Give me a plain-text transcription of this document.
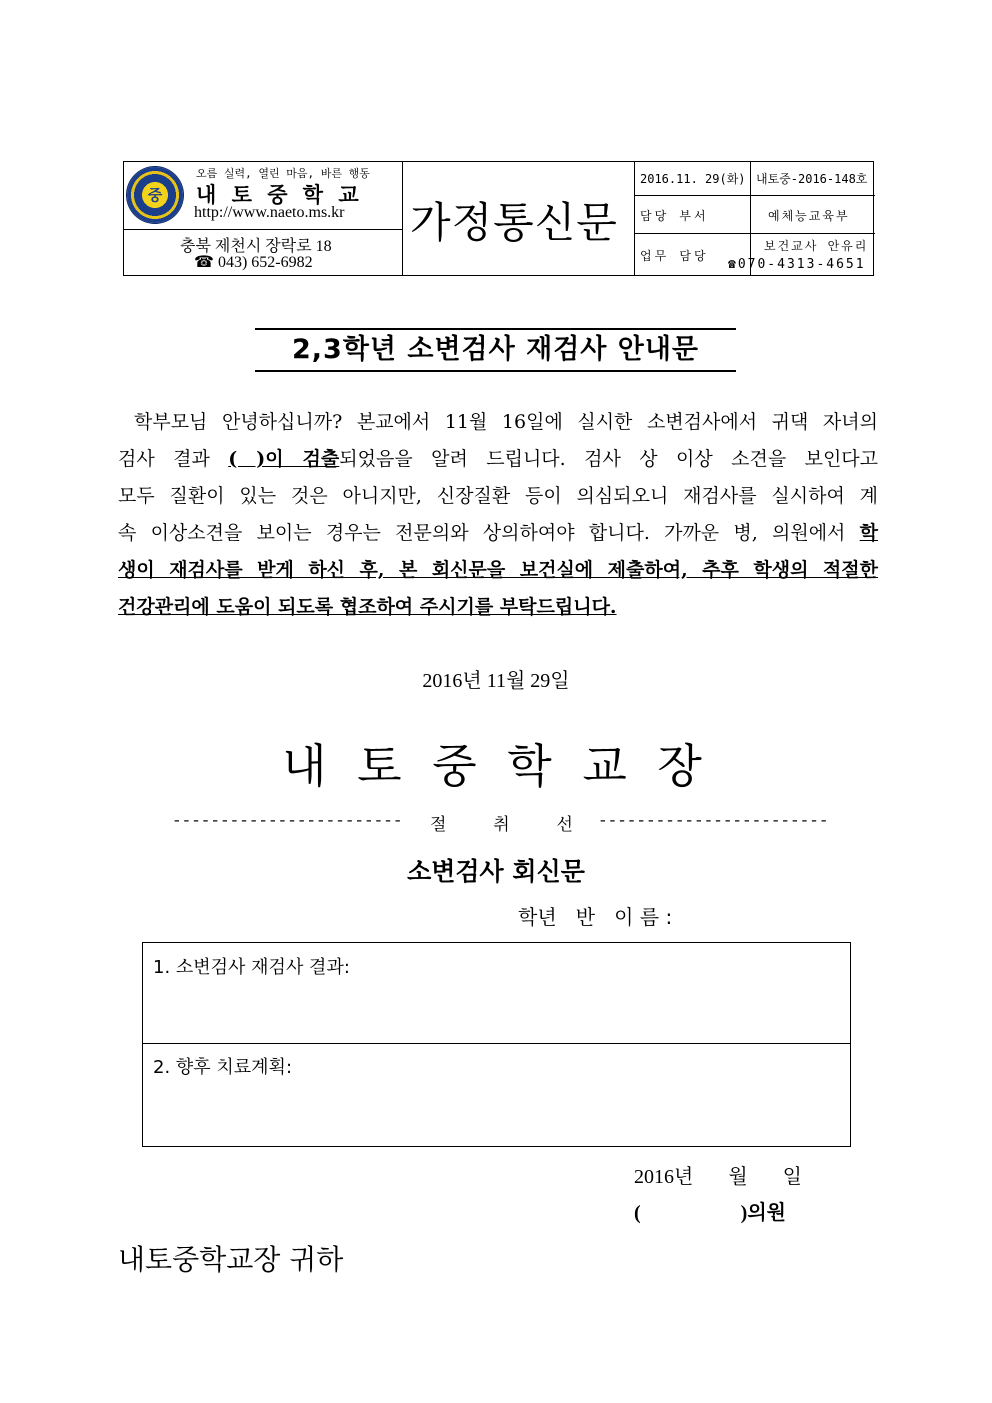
중
오름 실력, 열린 마음, 바른 행동
내 토 중 학 교
http://www.naeto.ms.kr
충북 제천시 장락로 18
☎ 043) 652-6982
가정통신문
2016.11. 29(화) 내토중-2016-148호
담당 부서	예체능교육부
업무 담당
보건교사 안유리
☎070-4313-4651
2,3학년 소변검사 재검사 안내문
학부모님 안녕하십니까? 본교에서 11월 16일에 실시한 소변검사에서 귀댁 자녀의
검사 결과 ( )이 검출되었음을 알려 드립니다. 검사 상 이상 소견을 보인다고
모두 질환이 있는 것은 아니지만, 신장질환 등이 의심되오니 재검사를 실시하여 계
속 이상소견을 보이는 경우는 전문의와 상의하여야 합니다. 가까운 병, 의원에서 학
생이 재검사를 받게 하신 후, 본 회신문을 보건실에 제출하여, 추후 학생의 적절한
건강관리에 도움이 되도록 협조하여 주시기를 부탁드립니다.
2016년 11월 29일
내 토 중 학 교 장
------------------------ 절  취  선 ------------------------
소변검사 회신문
학년   반   이 름 :
1. 소변검사 재검사 결과:
2. 향후 치료계획:
2016년       월       일
(                    )의원
내토중학교장 귀하
